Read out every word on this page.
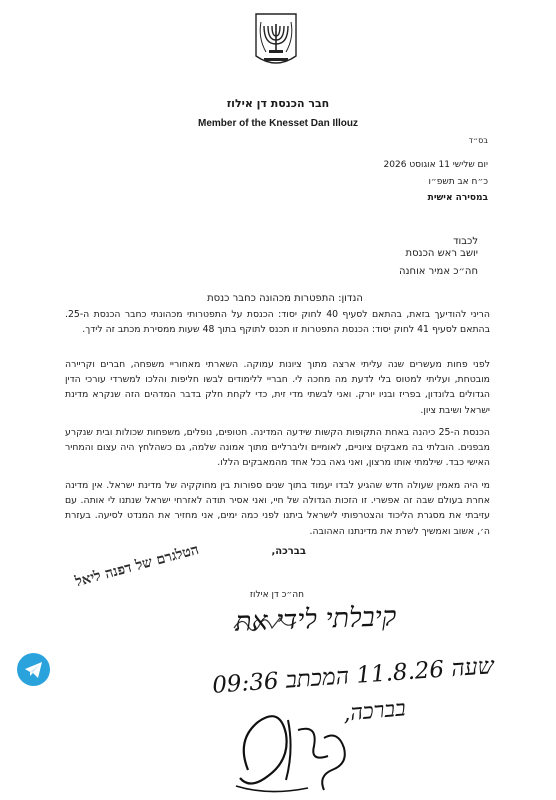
חבר הכנסת דן אילוז
Member of the Knesset Dan Illouz
בס״ד
יום שלישי 11 אוגוסט 2026
כ״ח אב תשפ״ו
במסירה אישית
לכבוד
יושב ראש הכנסת
חה״כ אמיר אוחנה
הנדון: התפטרות מכהונה כחבר כנסת
הריני להודיעך בזאת, בהתאם לסעיף 40 לחוק יסוד: הכנסת על התפטרותי מכהונתי כחבר הכנסת ה-25. בהתאם לסעיף 41 לחוק יסוד: הכנסת התפטרות זו תכנס לתוקף בתוך 48 שעות ממסירת מכתב זה לידך.
לפני פחות מעשרים שנה עליתי ארצה מתוך ציונות עמוקה. השארתי מאחוריי משפחה, חברים וקריירה מובטחת, ועליתי למטוס בלי לדעת מה מחכה לי. חבריי ללימודים לבשו חליפות והלכו למשרדי עורכי הדין הגדולים בלונדון, בפריז ובניו יורק. ואני לבשתי מדי זית, כדי לקחת חלק בדבר המדהים הזה שנקרא מדינת ישראל ושיבת ציון.
הכנסת ה-25 כיהנה באחת התקופות הקשות שידעה המדינה. חטופים, נופלים, משפחות שכולות ובית שנקרע מבפנים. הובלתי בה מאבקים ציוניים, לאומיים וליברליים מתוך אמונה שלמה, גם כשהלחץ היה עצום והמחיר האישי כבד. שילמתי אותו מרצון, ואני גאה בכל אחד מהמאבקים הללו.
מי היה מאמין שעולה חדש שהגיע לבדו יעמוד בתוך שנים ספורות בין מחוקקיה של מדינת ישראל. אין מדינה אחרת בעולם שבה זה אפשרי. זו הזכות הגדולה של חיי, ואני אסיר תודה לאזרחי ישראל שנתנו לי אותה. עם עזיבתי את מסגרת הליכוד והצטרפותי לישראל ביתנו לפני כמה ימים, אני מחזיר את המנדט לסיעה. בעזרת ה׳, אשוב ואמשיך לשרת את מדינתנו האהובה.
בברכה,
חה״כ דן אילוז
קיבלתי לידי את
09:36 שעה 11.8.26 המכתב
בברכה,
הטלגרם של דפנה ליאל
